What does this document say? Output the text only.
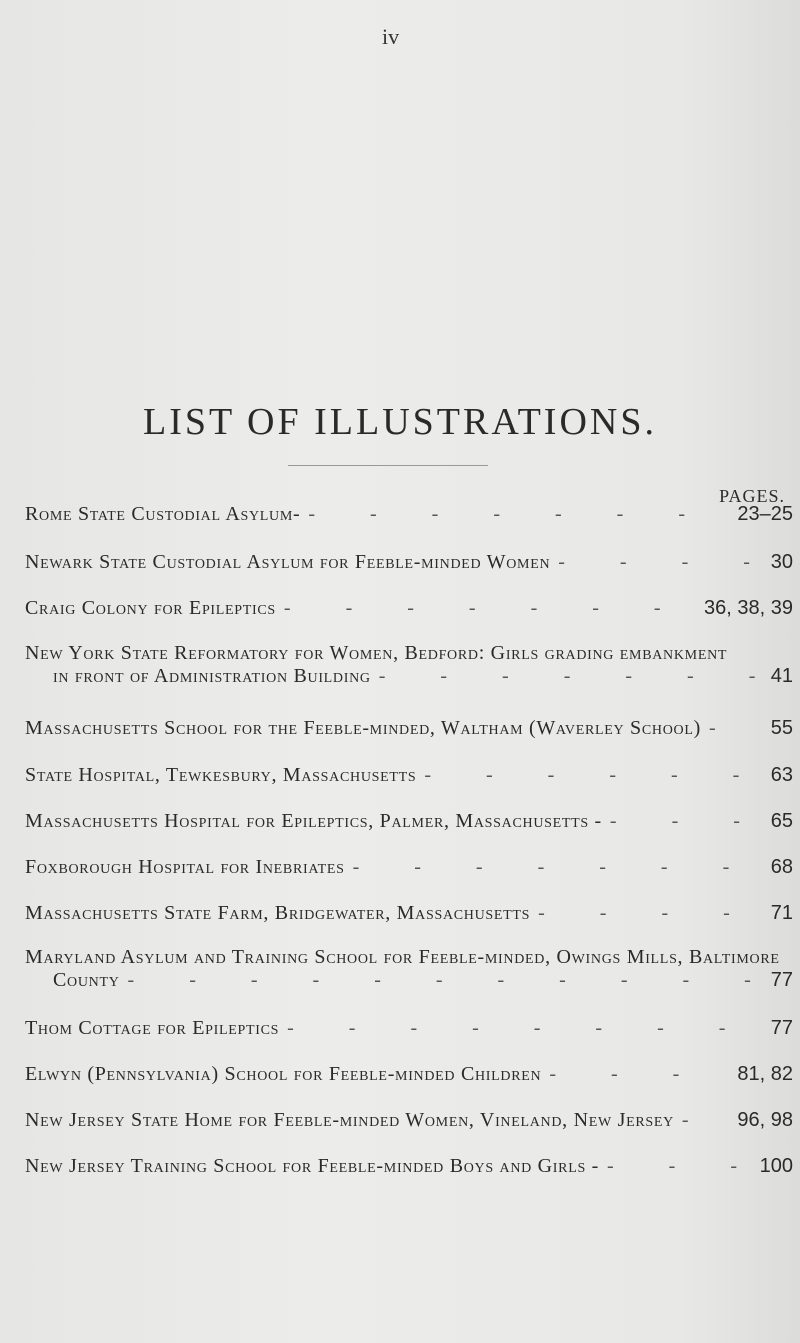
iv
LIST OF ILLUSTRATIONS.
PAGES.
Rome State Custodial Asylum- -	23–25
Newark State Custodial Asylum for Feeble-minded Women -	30
Craig Colony for Epileptics -	36, 38, 39
New York State Reformatory for Women, Bedford: Girls grading embankment
in front of Administration Building -	41
Massachusetts School for the Feeble-minded, Waltham (Waverley School) -	55
State Hospital, Tewkesbury, Massachusetts -	63
Massachusetts Hospital for Epileptics, Palmer, Massachusetts - -	65
Foxborough Hospital for Inebriates -	68
Massachusetts State Farm, Bridgewater, Massachusetts -	71
Maryland Asylum and Training School for Feeble-minded, Owings Mills, Baltimore
County -	77
Thom Cottage for Epileptics -	77
Elwyn (Pennsylvania) School for Feeble-minded Children -	81, 82
New Jersey State Home for Feeble-minded Women, Vineland, New Jersey -	96, 98
New Jersey Training School for Feeble-minded Boys and Girls - -	100
